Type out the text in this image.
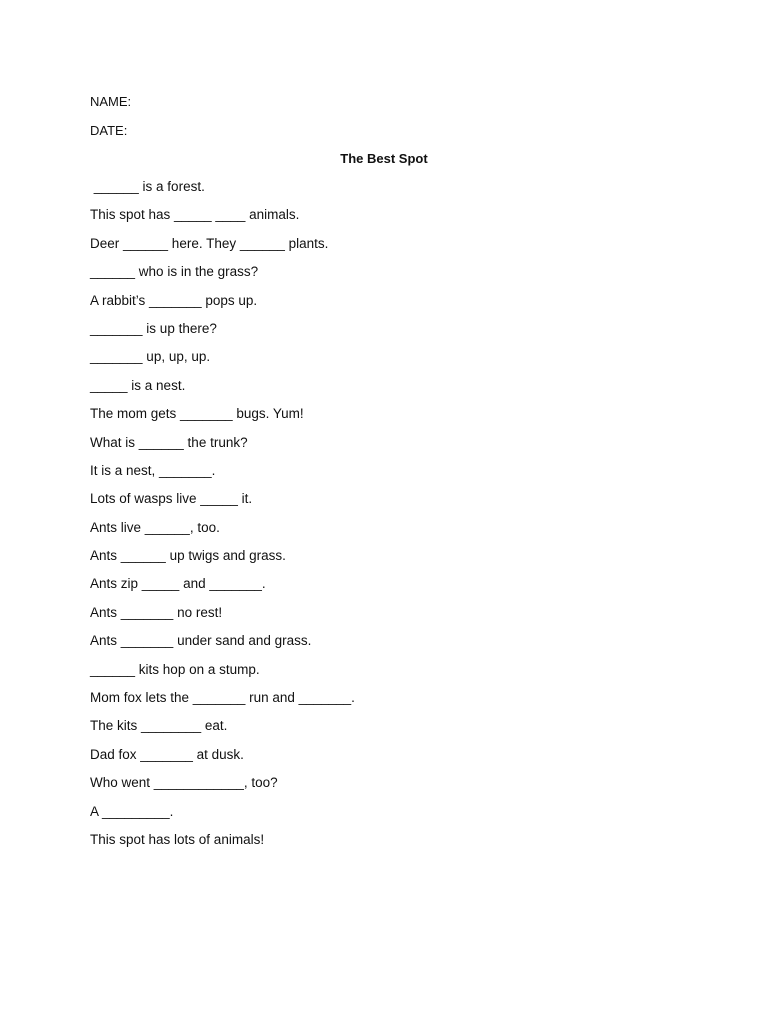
NAME:
DATE:
The Best Spot
______ is a forest.
This spot has _____ ____ animals.
Deer ______ here. They ______ plants.
______ who is in the grass?
A rabbit’s _______ pops up.
_______ is up there?
_______ up, up, up.
_____ is a nest.
The mom gets _______ bugs. Yum!
What is ______ the trunk?
It is a nest, _______.
Lots of wasps live _____ it.
Ants live ______, too.
Ants ______ up twigs and grass.
Ants zip _____ and _______.
Ants _______ no rest!
Ants _______ under sand and grass.
______ kits hop on a stump.
Mom fox lets the _______ run and _______.
The kits ________ eat.
Dad fox _______ at dusk.
Who went ____________, too?
A _________.
This spot has lots of animals!
